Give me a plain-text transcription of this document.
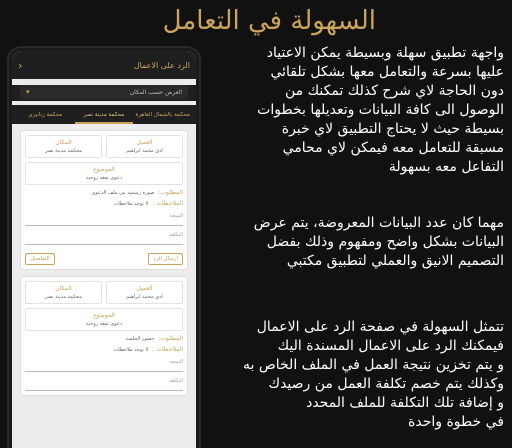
السهولة في التعامل
واجهة تطبيق سهلة وبسيطة يمكن الاعتياد
عليها بسرعة والتعامل معها بشكل تلقائي
دون الحاجة لاي شرح كذلك تمكنك من
الوصول الى كافة البيانات وتعديلها بخطوات
بسيطة حيث لا يحتاج التطبيق لاي خبرة
مسبقة للتعامل معه فيمكن لاي محامي
التفاعل معه بسهولة
مهما كان عدد البيانات المعروضة، يتم عرض
البيانات بشكل واضح ومفهوم وذلك بفضل
التصميم الانيق والعملي لتطبيق مكتبي
تتمثل السهولة في صفحة الرد على الاعمال
فيمكنك الرد على الاعمال المسندة اليك
و يتم تخزين نتيجة العمل في الملف الخاص به
وكذلك يتم خصم تكلفة العمل من رصيدك
و إضافة تلك التكلفة للملف المحدد
في خطوة واحدة
الرد على الاعمال
‹
العرض حسب المكان
▾
محكمة بالشمال القاهرة
محكمة مدينة نصر
محكمة زنانيري
العميل
ادي محمد ابراهيم
المكان
محكمة مدينة نصر
الموضوع
دعوى نفقة زوجية
المطلوب:
صورة رسمية من ملف الدعوى
الملاحظات :
لا توجد ملاحظات
النتيجة
التكلفة
ارسال الرد
التفاصيل
العميل
ادي محمد ابراهيم
المكان
محكمة مدينة نصر
الموضوع
دعوى نفقة زوجية
المطلوب:
حضور الجلسة
الملاحظات :
لا توجد ملاحظات
النتيجة
التكلفة
